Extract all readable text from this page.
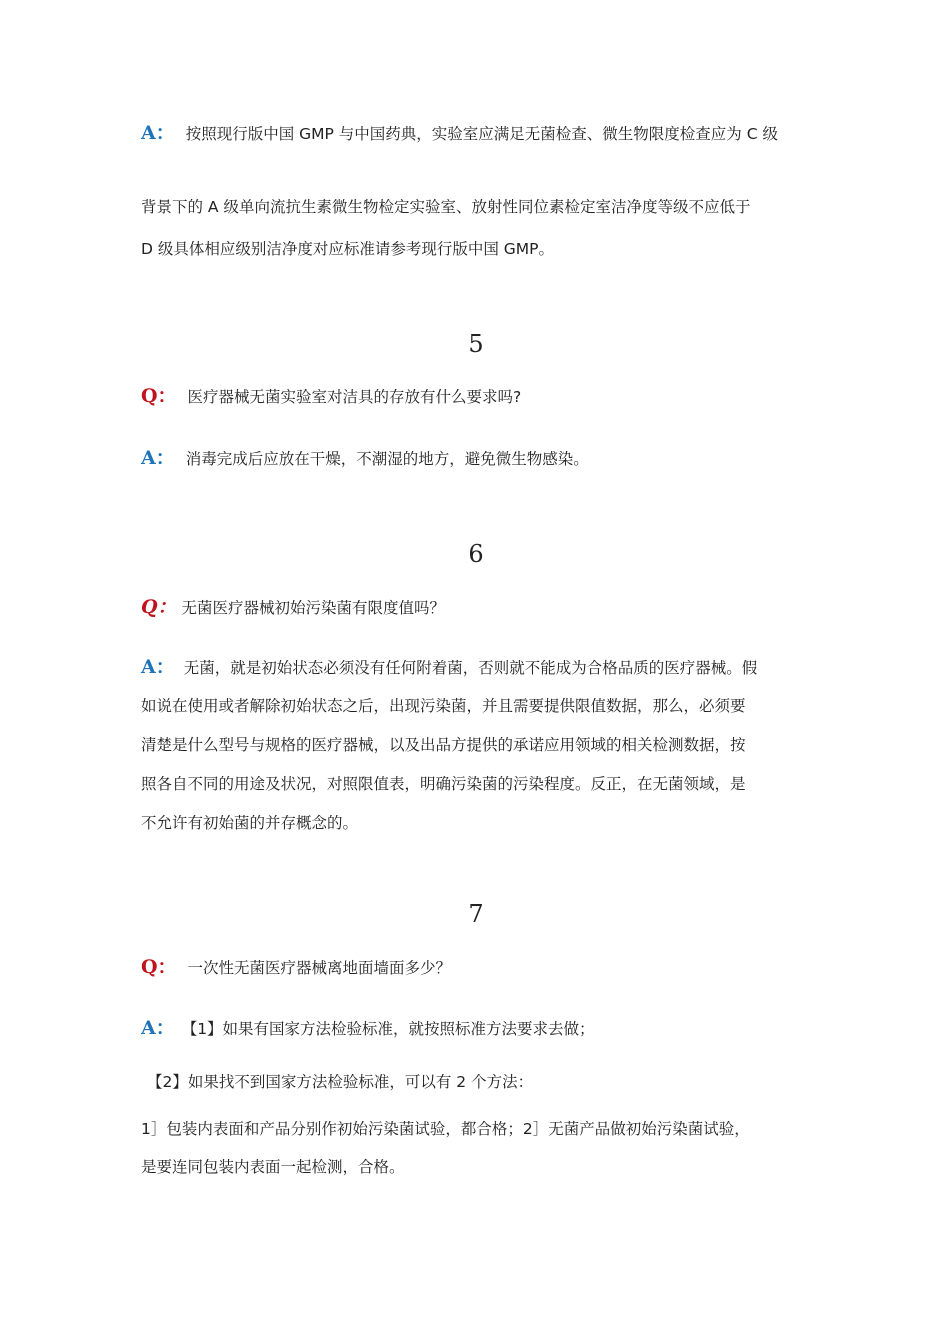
A： 按照现行版中国 GMP 与中国药典，实验室应满足无菌检查、微生物限度检查应为 C 级
背景下的 A 级单向流抗生素微生物检定实验室、放射性同位素检定室洁净度等级不应低于
D 级具体相应级别洁净度对应标准请参考现行版中国 GMP。
5
Q： 医疗器械无菌实验室对洁具的存放有什么要求吗?
A： 消毒完成后应放在干燥，不潮湿的地方，避免微生物感染。
6
Q： 无菌医疗器械初始污染菌有限度值吗？
A： 无菌，就是初始状态必须没有任何附着菌，否则就不能成为合格品质的医疗器械。假
如说在使用或者解除初始状态之后，出现污染菌，并且需要提供限值数据，那么，必须要
清楚是什么型号与规格的医疗器械，以及出品方提供的承诺应用领域的相关检测数据，按
照各自不同的用途及状况，对照限值表，明确污染菌的污染程度。反正，在无菌领域，是
不允许有初始菌的并存概念的。
7
Q： 一次性无菌医疗器械离地面墙面多少？
A： 【1】如果有国家方法检验标准，就按照标准方法要求去做；
【2】如果找不到国家方法检验标准，可以有 2 个方法：
1］包装内表面和产品分别作初始污染菌试验，都合格；2］无菌产品做初始污染菌试验，
是要连同包装内表面一起检测，合格。
